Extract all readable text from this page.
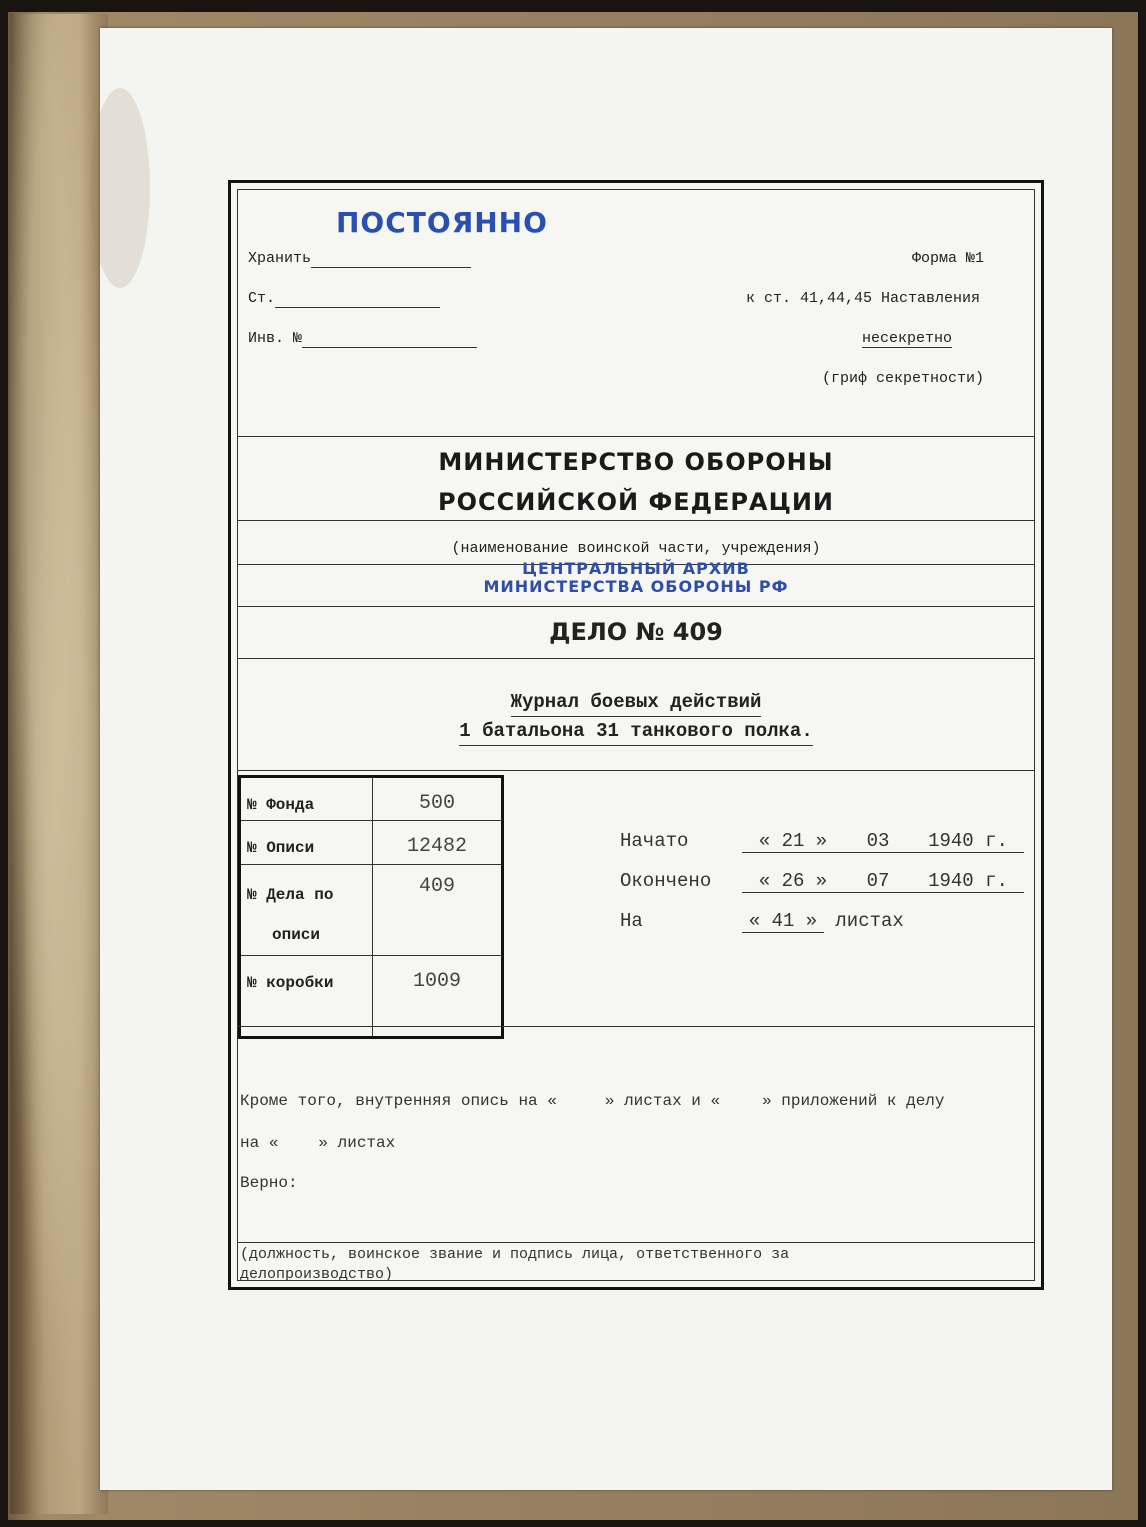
ПОСТОЯННО
Хранить	Форма №1
Ст.	к ст. 41,44,45 Наставления
Инв. №	несекретно
(гриф секретности)
МИНИСТЕРСТВО ОБОРОНЫ
РОССИЙСКОЙ ФЕДЕРАЦИИ
(наименование воинской части, учреждения)
ЦЕНТРАЛЬНЫЙ АРХИВ
МИНИСТЕРСТВА ОБОРОНЫ РФ
ДЕЛО № 409
Журнал боевых действий
1 батальона 31 танкового полка.
№ Фонда	500
№ Описи	12482

№ Дела по
описи	409
№ коробки	1009
Начато	« 21 » 03 1940 г.
Окончено	« 26 » 07 1940 г.
На	« 41 » листах
Кроме того, внутренняя опись на «	» листах и «	» приложений к делу
на «	» листах
Верно:
(должность, воинское звание и подпись лица, ответственного за
делопроизводство)
